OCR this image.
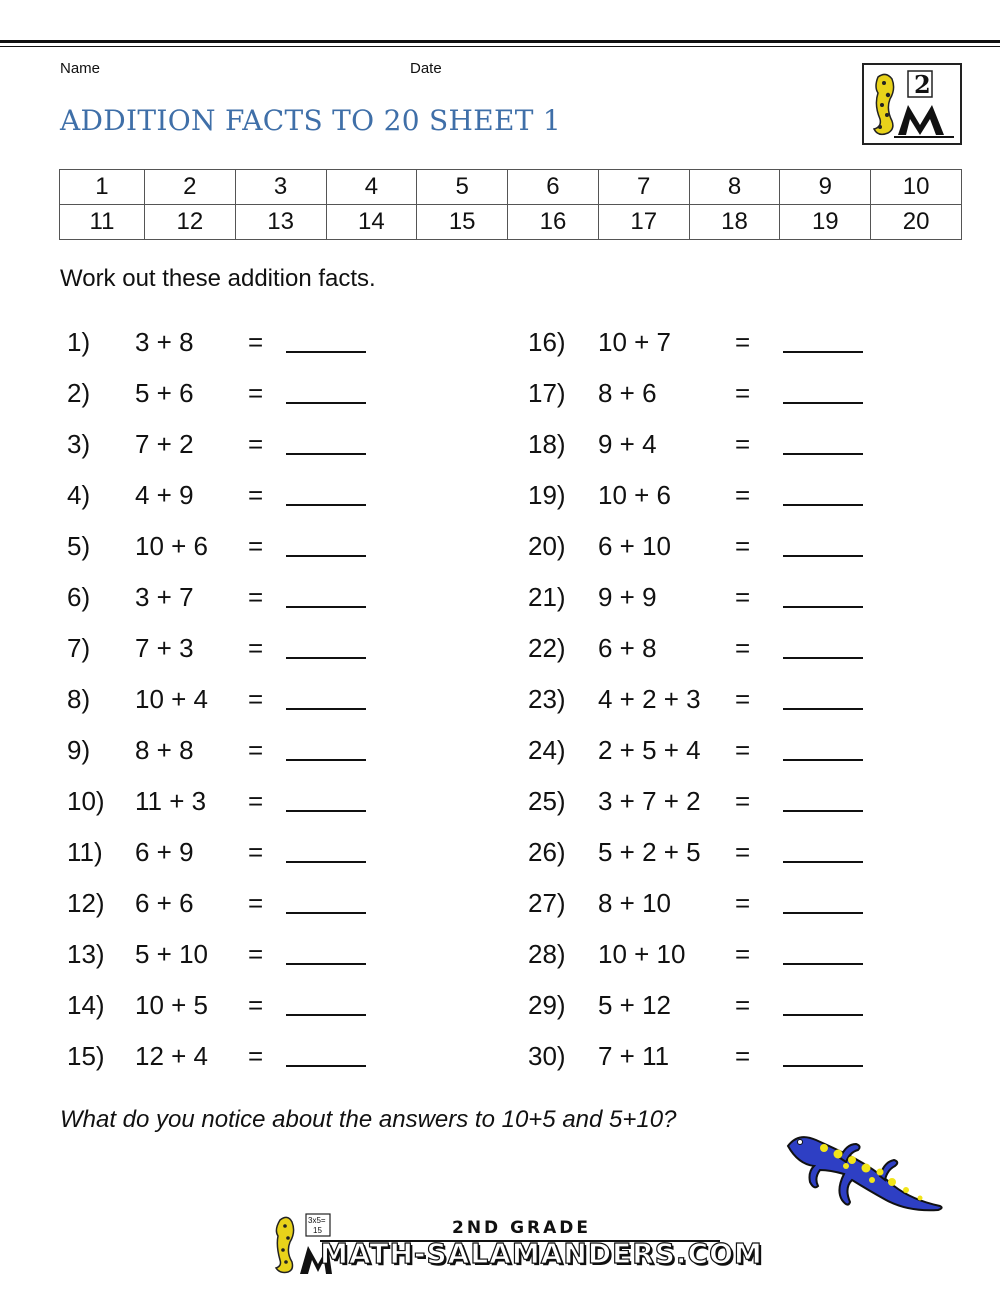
Name	Date
ADDITION FACTS TO 20 SHEET 1
2
1	2	3	4	5	6	7	8	9	10
11	12	13	14	15	16	17	18	19	20
Work out these addition facts.
1) 3 + 8 =
2) 5 + 6 =
3) 7 + 2 =
4) 4 + 9 =
5) 10 + 6 =
6) 3 + 7 =
7) 7 + 3 =
8) 10 + 4 =
9) 8 + 8 =
10) 11 + 3 =
11) 6 + 9 =
12) 6 + 6 =
13) 5 + 10 =
14) 10 + 5 =
15) 12 + 4 =
16) 10 + 7 =
17) 8 + 6	=
18) 9 + 4	=
19) 10 + 6 =
20) 6 + 10 =
21) 9 + 9	=
22) 6 + 8	=
23) 4 + 2 + 3 =
24) 2 + 5 + 4 =
25) 3 + 7 + 2 =
26) 5 + 2 + 5 =
27) 8 + 10 =
28) 10 + 10 =
29) 5 + 12 =
30) 7 + 11	=
What do you notice about the answers to 10+5 and 5+10?
3x5=
15	2ND GRADE
MATH-SALAMANDERS.COM
